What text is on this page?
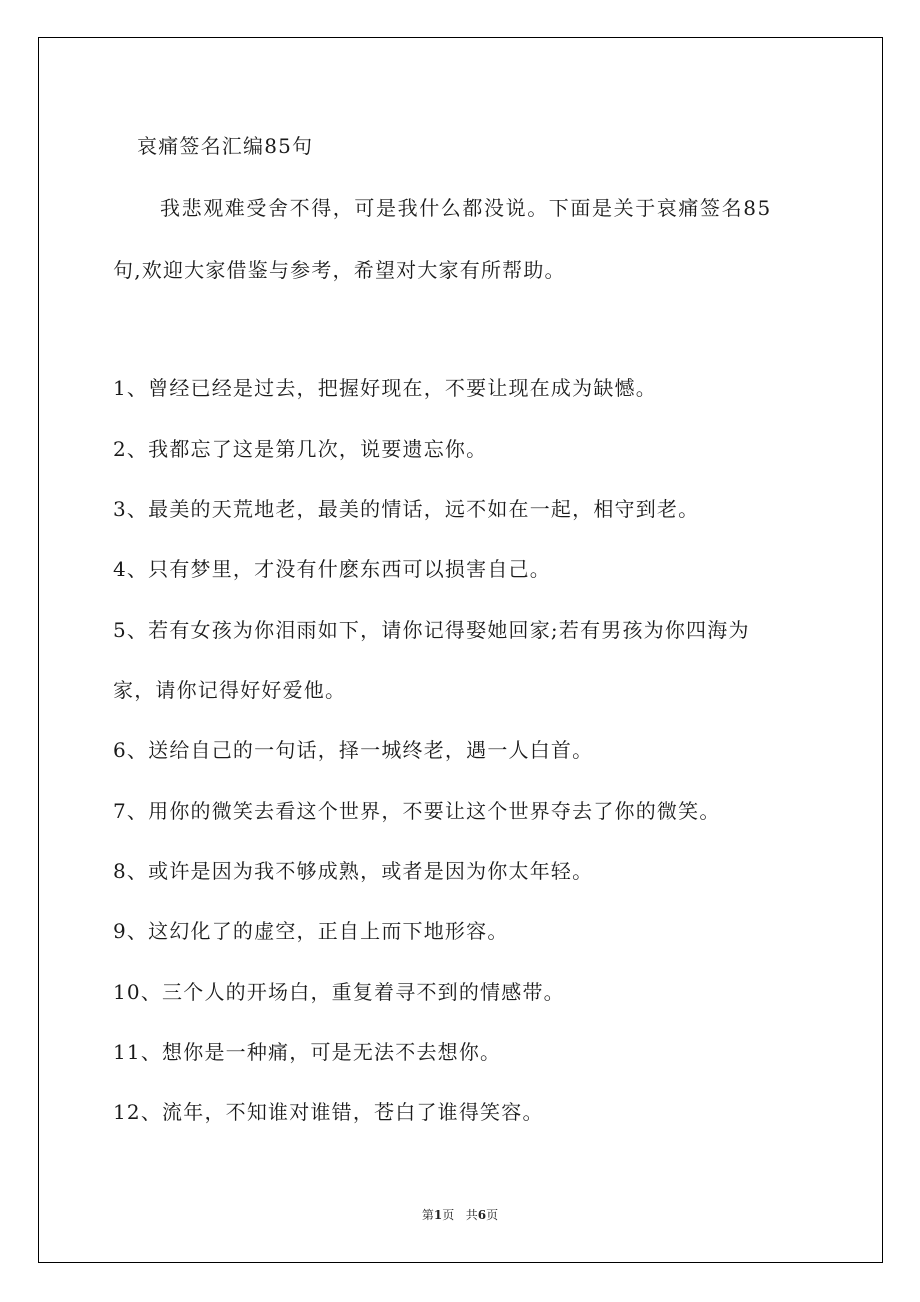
哀痛签名汇编85句

我悲观难受舍不得，可是我什么都没说。下面是关于哀痛签名85

句,欢迎大家借鉴与参考，希望对大家有所帮助。

1、曾经已经是过去，把握好现在，不要让现在成为缺憾。

2、我都忘了这是第几次，说要遗忘你。

3、最美的天荒地老，最美的情话，远不如在一起，相守到老。

4、只有梦里，才没有什麽东西可以损害自己。

5、若有女孩为你泪雨如下，请你记得娶她回家;若有男孩为你四海为

家，请你记得好好爱他。

6、送给自己的一句话，择一城终老，遇一人白首。

7、用你的微笑去看这个世界，不要让这个世界夺去了你的微笑。

8、或许是因为我不够成熟，或者是因为你太年轻。

9、这幻化了的虚空，正自上而下地形容。

10、三个人的开场白，重复着寻不到的情感带。

11、想你是一种痛，可是无法不去想你。

12、流年，不知谁对谁错，苍白了谁得笑容。

第1页   共6页
